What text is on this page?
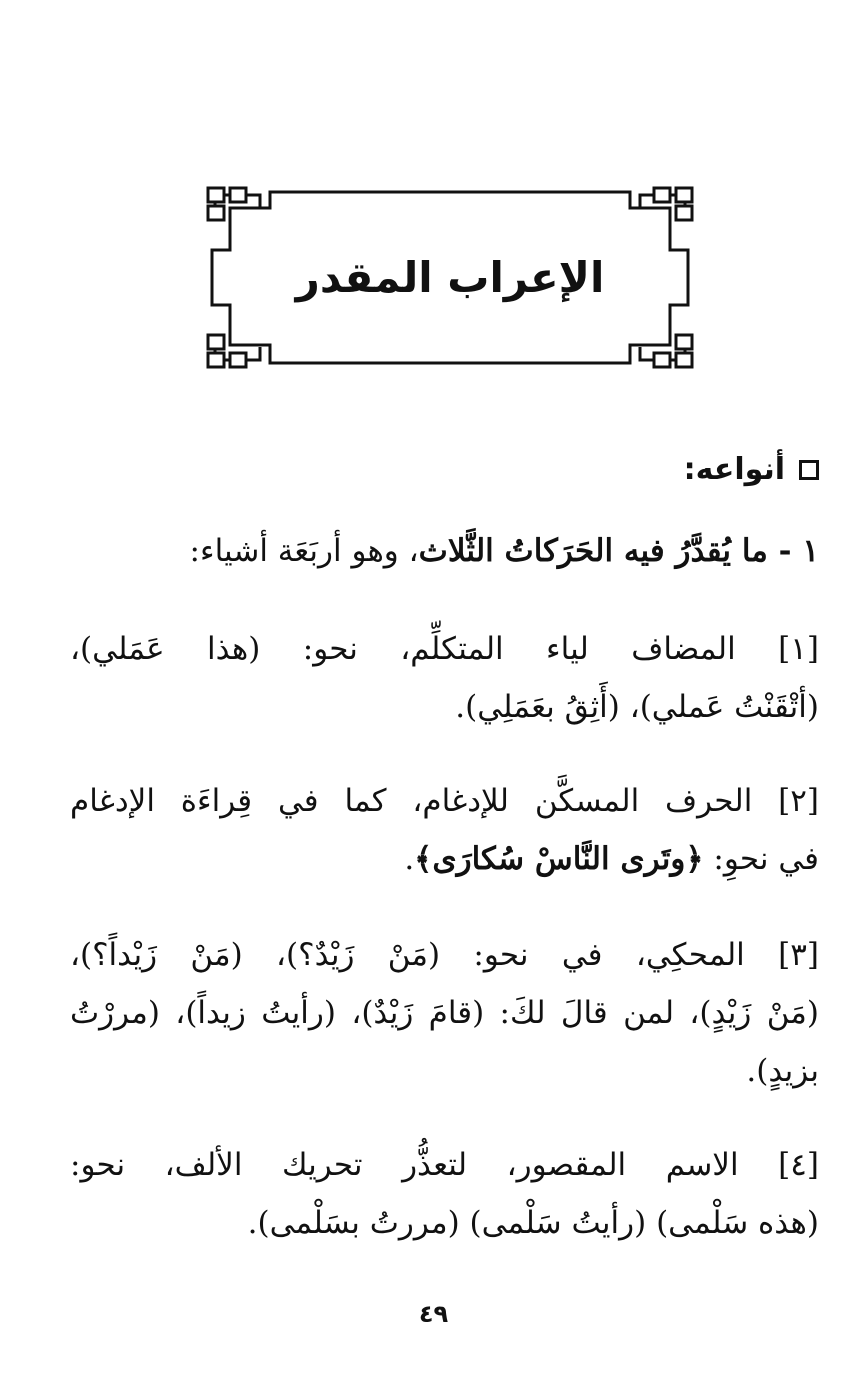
الإعراب المقدر
أنواعه:
١ - ما يُقدَّرُ فيه الحَرَكاتُ الثَّلاث، وهو أربَعَة أشياء:
[١] المضاف لياء المتكلِّم، نحو: (هذا عَمَلي)،
(أتْقَنْتُ عَملي)، (أَثِقُ بعَمَلِي).
[٢] الحرف المسكَّن للإدغام، كما في قِراءَة الإدغام
في نحوِ: ﴿وتَرى النَّاسْ سُكارَى﴾.
[٣] المحكِي، في نحو: (مَنْ زَيْدٌ؟)، (مَنْ زَيْداً؟)،
(مَنْ زَيْدٍ)، لمن قالَ لكَ: (قامَ زَيْدٌ)، (رأيتُ زيداً)، (مررْتُ
بزيدٍ).
[٤] الاسم المقصور، لتعذُّر تحريك الألف، نحو:
(هذه سَلْمى) (رأيتُ سَلْمى) (مررتُ بسَلْمى).
٤٩
